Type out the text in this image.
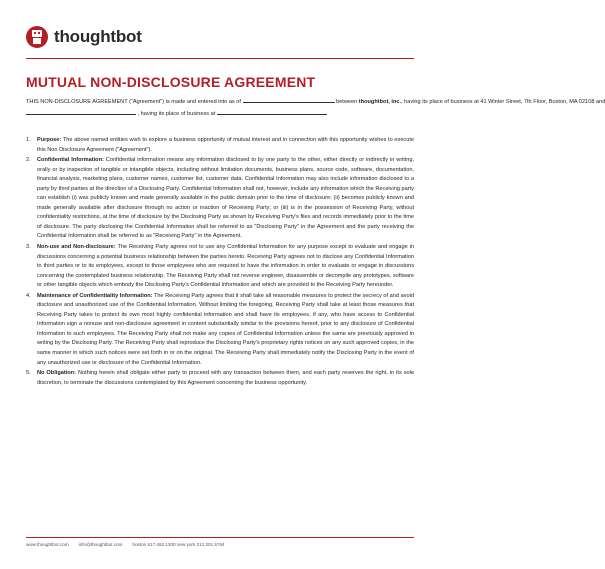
thoughtbot
MUTUAL NON-DISCLOSURE AGREEMENT
THIS NON-DISCLOSURE AGREEMENT ("Agreement") is made and entered into as of	between thoughtbot, inc., having its place of business at 41 Winter Street, 7th Floor, Boston, MA 02108 and
, having its place of business at
1. Purpose: The above named entities wish to explore a business opportunity of mutual interest and in connection with this opportunity wishes to execute this Non Disclosure Agreement ("Agreement").
2. Confidential Information: Confidential information means any information disclosed to by one party to the other, either directly or indirectly in writing, orally or by inspection of tangible or intangible objects, including without limitation documents, business plans, source code, software, documentation, financial analysis, marketing plans, customer names, customer list, customer data. Confidential Information may also include information disclosed to a party by third parties at the direction of a Disclosing Party. Confidential Information shall not, however, include any information which the Receiving party can establish (i) was publicly known and made generally available in the public domain prior to the time of disclosure; (ii) becomes publicly known and made generally available after disclosure through no action or inaction of Receiving Party; or (iii) is in the possession of Receiving Party, without confidentiality restrictions, at the time of disclosure by the Disclosing Party as shown by Receiving Party's files and records immediately prior to the time of disclosure. The party disclosing the Confidential Information shall be referred to as "Disclosing Party" in the Agreement and the party receiving the Confidential Information shall be referred to as "Receiving Party" in the Agreement.
3. Non-use and Non-disclosure: The Receiving Party agrees not to use any Confidential Information for any purpose except to evaluate and engage in discussions concerning a potential business relationship between the parties hereto. Receiving Party agrees not to disclose any Confidential Information to third parties or to its employees, except to those employees who are required to have the information in order to evaluate or engage in discussions concerning the contemplated business relationship. The Receiving Party shall not reverse engineer, disassemble or decompile any prototypes, software or other tangible objects which embody the Disclosing Party's Confidential Information and which are provided to the Receiving Party hereunder.
4. Maintenance of Confidentiality Information: The Receiving Party agrees that it shall take all reasonable measures to protect the secrecy of and avoid disclosure and unauthorized use of the Confidential Information. Without limiting the foregoing, Receiving Party shall take at least those measures that Receiving Party takes to protect its own most highly confidential information and shall have its employees, if any, who have access to Confidential Information sign a nonuse and non-disclosure agreement in content substantially similar to the provisions hereof, prior to any disclosure of Confidential Information to such employees. The Receiving Party shall not make any copies of Confidential Information unless the same are previously approved in writing by the Disclosing Party. The Receiving Party shall reproduce the Disclosing Party's proprietary rights notices on any such approved copies, in the same manner in which such notices were set forth in or on the original. The Receiving Party shall immediately notify the Disclosing Party in the event of any unauthorized use or disclosure of the Confidential Information.
5. No Obligation: Nothing herein shall obligate either party to proceed with any transaction between them, and each party reserves the right, in its sole discretion, to terminate the discussions contemplated by this Agreement concerning the business opportunity.
www.thoughtbot.com info@thoughtbot.com boston 617.482.1300 new york 212.201.5764
